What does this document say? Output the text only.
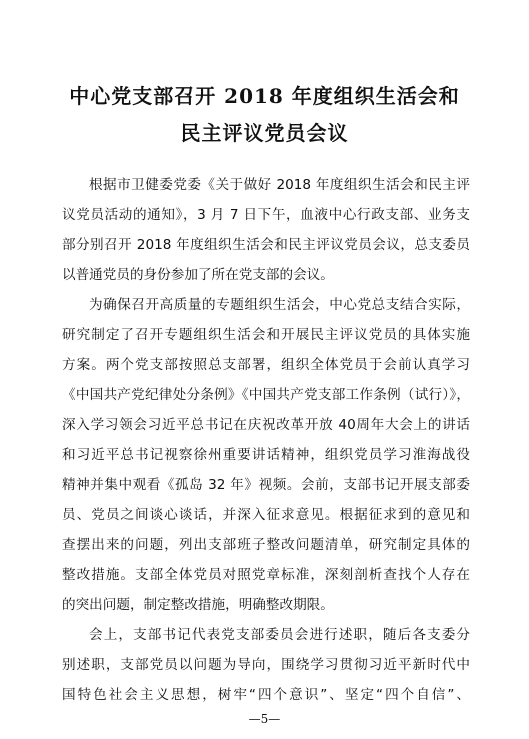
中心党支部召开 2018 年度组织生活会和
民主评议党员会议
根据市卫健委党委《关于做好 2018 年度组织生活会和民主评
议党员活动的通知》，3 月 7 日下午，血液中心行政支部、业务支
部分别召开 2018 年度组织生活会和民主评议党员会议，总支委员
以普通党员的身份参加了所在党支部的会议。
为确保召开高质量的专题组织生活会，中心党总支结合实际，
研究制定了召开专题组织生活会和开展民主评议党员的具体实施
方案。两个党支部按照总支部署，组织全体党员于会前认真学习
《中国共产党纪律处分条例》《中国共产党支部工作条例（试行）》，
深入学习领会习近平总书记在庆祝改革开放 40周年大会上的讲话
和习近平总书记视察徐州重要讲话精神，组织党员学习淮海战役
精神并集中观看《孤岛 32 年》视频。会前，支部书记开展支部委
员、党员之间谈心谈话，并深入征求意见。根据征求到的意见和
查摆出来的问题，列出支部班子整改问题清单，研究制定具体的
整改措施。支部全体党员对照党章标准，深刻剖析查找个人存在
的突出问题，制定整改措施，明确整改期限。
会上，支部书记代表党支部委员会进行述职，随后各支委分
别述职，支部党员以问题为导向，围绕学习贯彻习近平新时代中
国特色社会主义思想，树牢“四个意识”、坚定“四个自信”、
—5—
